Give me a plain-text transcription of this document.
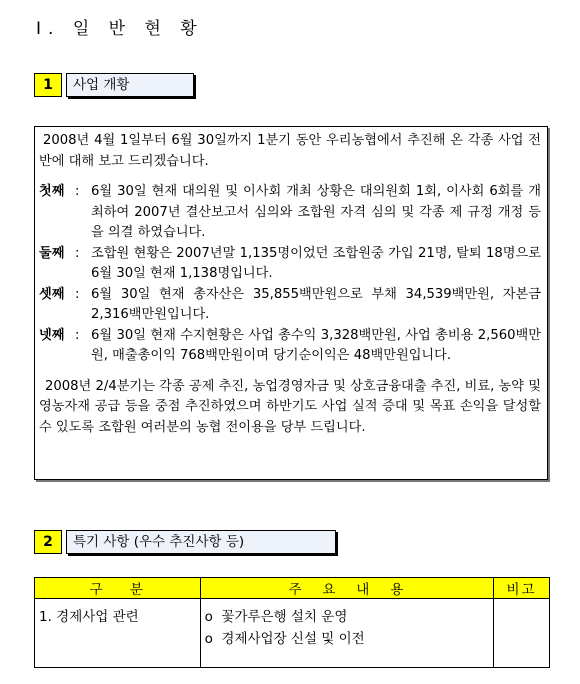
Ⅰ. 일 반 현 황
1	사업 개황

2008년 4월 1일부터 6월 30일까지 1분기 동안 우리농협에서 추진해 온 각종 사업 전반에 대해 보고 드리겠습니다.

첫째 : 6월 30일 현재 대의원 및 이사회 개최 상황은 대의원회 1회, 이사회 6회를 개최하여 2007년 결산보고서 심의와 조합원 자격 심의 및 각종 제 규정 개정 등을 의결 하였습니다.
둘째 : 조합원 현황은 2007년말 1,135명이었던 조합원중 가입 21명, 탈퇴 18명으로 6월 30일 현재 1,138명입니다.
셋째 : 6월 30일 현재 총자산은 35,855백만원으로 부채 34,539백만원, 자본금 2,316백만원입니다.
넷째 : 6월 30일 현재 수지현황은 사업 총수익 3,328백만원, 사업 총비용 2,560백만원, 매출총이익 768백만원이며 당기순이익은 48백만원입니다.

2008년 2/4분기는 각종 공제 추진, 농업경영자금 및 상호금융대출 추진, 비료, 농약 및 영농자재 공급 등을 중점 추진하였으며 하반기도 사업 실적 증대 및 목표 손익을 달성할 수 있도록 조합원 여러분의 농협 전이용을 당부 드립니다.

2	특기 사항 (우수 추진사항 등)
구    분	주   요   내   용	비고
1. 경제사업 관련	o  꽃가루은행 설치 운영
o  경제사업장 신설 및 이전	
